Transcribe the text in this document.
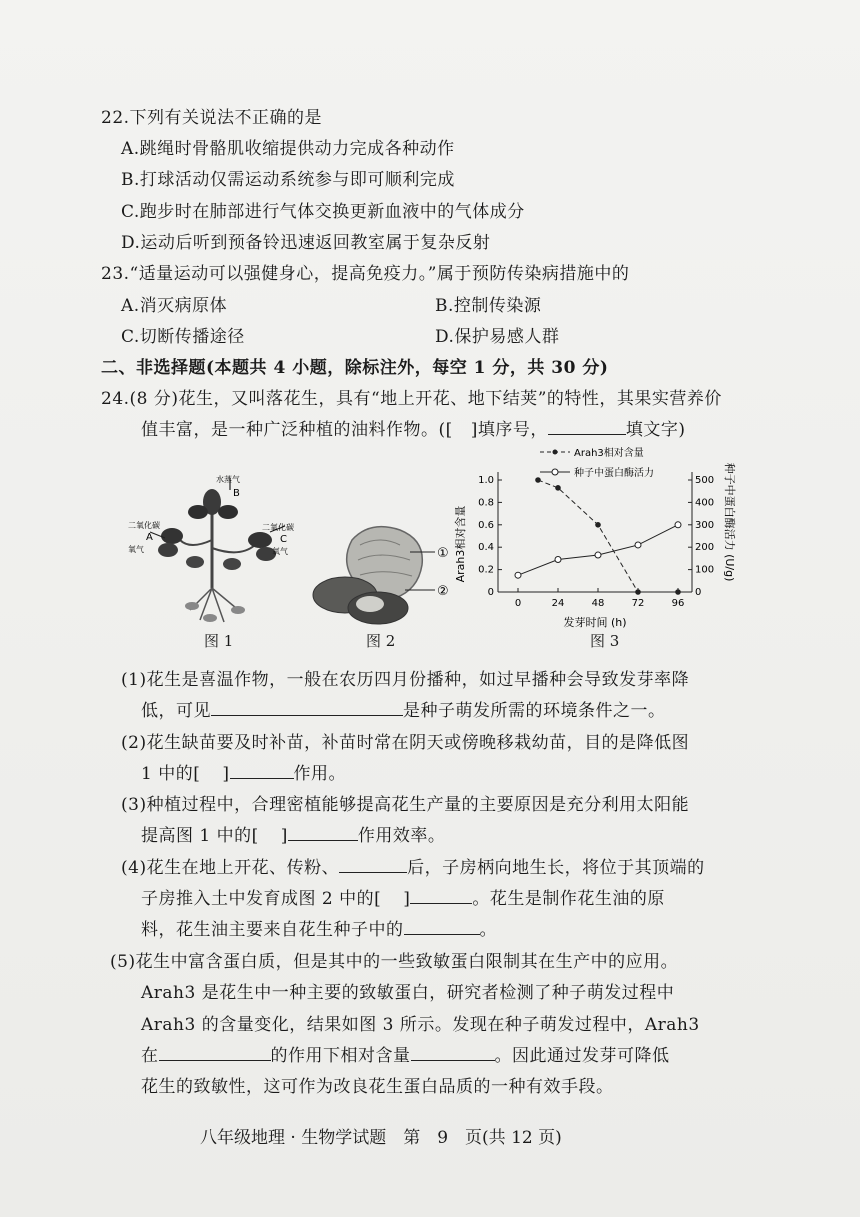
22.下列有关说法不正确的是
A.跳绳时骨骼肌收缩提供动力完成各种动作
B.打球活动仅需运动系统参与即可顺利完成
C.跑步时在肺部进行气体交换更新血液中的气体成分
D.运动后听到预备铃迅速返回教室属于复杂反射
23.“适量运动可以强健身心，提高免疫力。”属于预防传染病措施中的
A.消灭病原体	B.控制传染源
C.切断传播途径	D.保护易感人群
二、非选择题(本题共 4 小题，除标注外，每空 1 分，共 30 分)
24.(8 分)花生，又叫落花生，具有“地上开花、地下结荚”的特性，其果实营养价
值丰富，是一种广泛种植的油料作物。([ ]填序号，	填文字)
水蒸气
B
二氧化碳
氧气
A
二氧化碳
氧气
C
图 1
①
②
图 2
Arah3相对含量
种子中蛋白酶活力
0
0.2
0.4
0.6
0.8
1.0
0
100
200
300
400
500
0	24	48	72	96
Arah3相对含量	种子中蛋白酶活力 (U/g)
发芽时间 (h)
图 3
(1)花生是喜温作物，一般在农历四月份播种，如过早播种会导致发芽率降
低，可见	是种子萌发所需的环境条件之一。
(2)花生缺苗要及时补苗，补苗时常在阴天或傍晚移栽幼苗，目的是降低图
1 中的[ ]	作用。
(3)种植过程中，合理密植能够提高花生产量的主要原因是充分利用太阳能
提高图 1 中的[ ]	作用效率。
(4)花生在地上开花、传粉、	后，子房柄向地生长，将位于其顶端的
子房推入土中发育成图 2 中的[ ]	。花生是制作花生油的原
料，花生油主要来自花生种子中的	。
(5)花生中富含蛋白质，但是其中的一些致敏蛋白限制其在生产中的应用。
Arah3 是花生中一种主要的致敏蛋白，研究者检测了种子萌发过程中
Arah3 的含量变化，结果如图 3 所示。发现在种子萌发过程中，Arah3
在	的作用下相对含量	。因此通过发芽可降低
花生的致敏性，这可作为改良花生蛋白品质的一种有效手段。
八年级地理 · 生物学试题　第　9　页(共 12 页)
